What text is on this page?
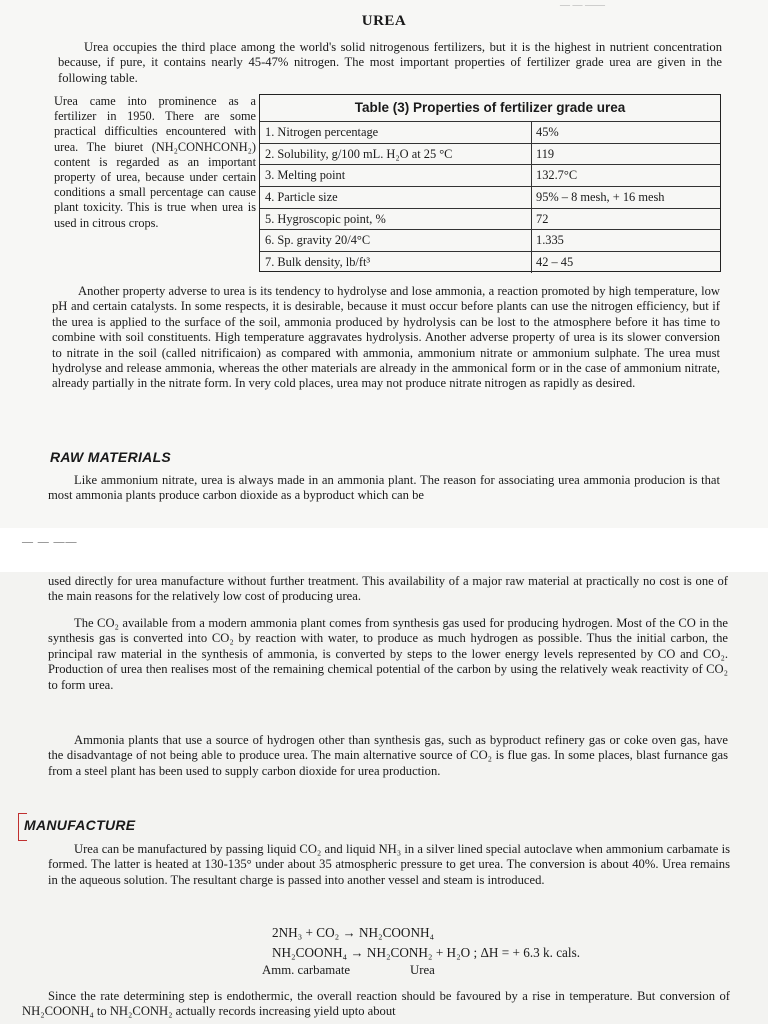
— — ——
UREA

Urea occupies the third place among the world's solid nitrogenous fertilizers, but it is the highest in nutrient concentration because, if pure, it contains nearly 45-47% nitrogen. The most important properties of fertilizer grade urea are given in the following table.

Urea came into prominence as a fertilizer in 1950. There are some practical difficulties encountered with urea. The biuret (NH₂CONHCONH₂) content is regarded as an important property of urea, because under certain conditions a small percentage can cause plant toxicity. This is true when urea is used in citrous crops.

Table (3) Properties of fertilizer grade urea
1. Nitrogen percentage	45%
2. Solubility, g/100 mL. H₂O at 25 °C	119
3. Melting point	132.7°C
4. Particle size	95% – 8 mesh, + 16 mesh
5. Hygroscopic point, %	72
6. Sp. gravity 20/4°C	1.335
7. Bulk density, lb/ft³	42 – 45

Another property adverse to urea is its tendency to hydrolyse and lose ammonia, a reaction promoted by high temperature, low pH and certain catalysts. In some respects, it is desirable, because it must occur before plants can use the nitrogen efficiency, but if the urea is applied to the surface of the soil, ammonia produced by hydrolysis can be lost to the atmosphere before it has time to combine with soil constituents. High temperature aggravates hydrolysis. Another adverse property of urea is its slower conversion to nitrate in the soil (called nitrificaion) as compared with ammonia, ammonium nitrate or ammonium sulphate. The urea must hydrolyse and release ammonia, whereas the other materials are already in the ammonical form or in the case of ammonium nitrate, already partially in the nitrate form. In very cold places, urea may not produce nitrate nitrogen as rapidly as desired.

RAW MATERIALS

Like ammonium nitrate, urea is always made in an ammonia plant. The reason for associating urea ammonia producion is that most ammonia plants produce carbon dioxide as a byproduct which can be

— — ——

used directly for urea manufacture without further treatment. This availability of a major raw material at practically no cost is one of the main reasons for the relatively low cost of producing urea.

The CO₂ available from a modern ammonia plant comes from synthesis gas used for producing hydrogen. Most of the CO in the synthesis gas is converted into CO₂ by reaction with water, to produce as much hydrogen as possible. Thus the initial carbon, the principal raw material in the synthesis of ammonia, is converted by steps to the lower energy levels represented by CO and CO₂. Production of urea then realises most of the remaining chemical potential of the carbon by using the relatively weak reactivity of CO₂ to form urea.

Ammonia plants that use a source of hydrogen other than synthesis gas, such as byproduct refinery gas or coke oven gas, have the disadvantage of not being able to produce urea. The main alternative source of CO₂ is flue gas. In some places, blast furnance gas from a steel plant has been used to supply carbon dioxide for urea production.

MANUFACTURE

Urea can be manufactured by passing liquid CO₂ and liquid NH₃ in a silver lined special autoclave when ammonium carbamate is formed. The latter is heated at 130-135° under about 35 atmospheric pressure to get urea. The conversion is about 40%. Urea remains in the aqueous solution. The resultant charge is passed into another vessel and steam is introduced.

2NH₃ + CO₂ → NH₂COONH₄
NH₂COONH₄ → NH₂CONH₂ + H₂O ; ΔH = + 6.3 k. cals.
Amm. carbamate	Urea

Since the rate determining step is endothermic, the overall reaction should be favoured by a rise in temperature. But conversion of NH₂COONH₄ to NH₂CONH₂ actually records increasing yield upto about
